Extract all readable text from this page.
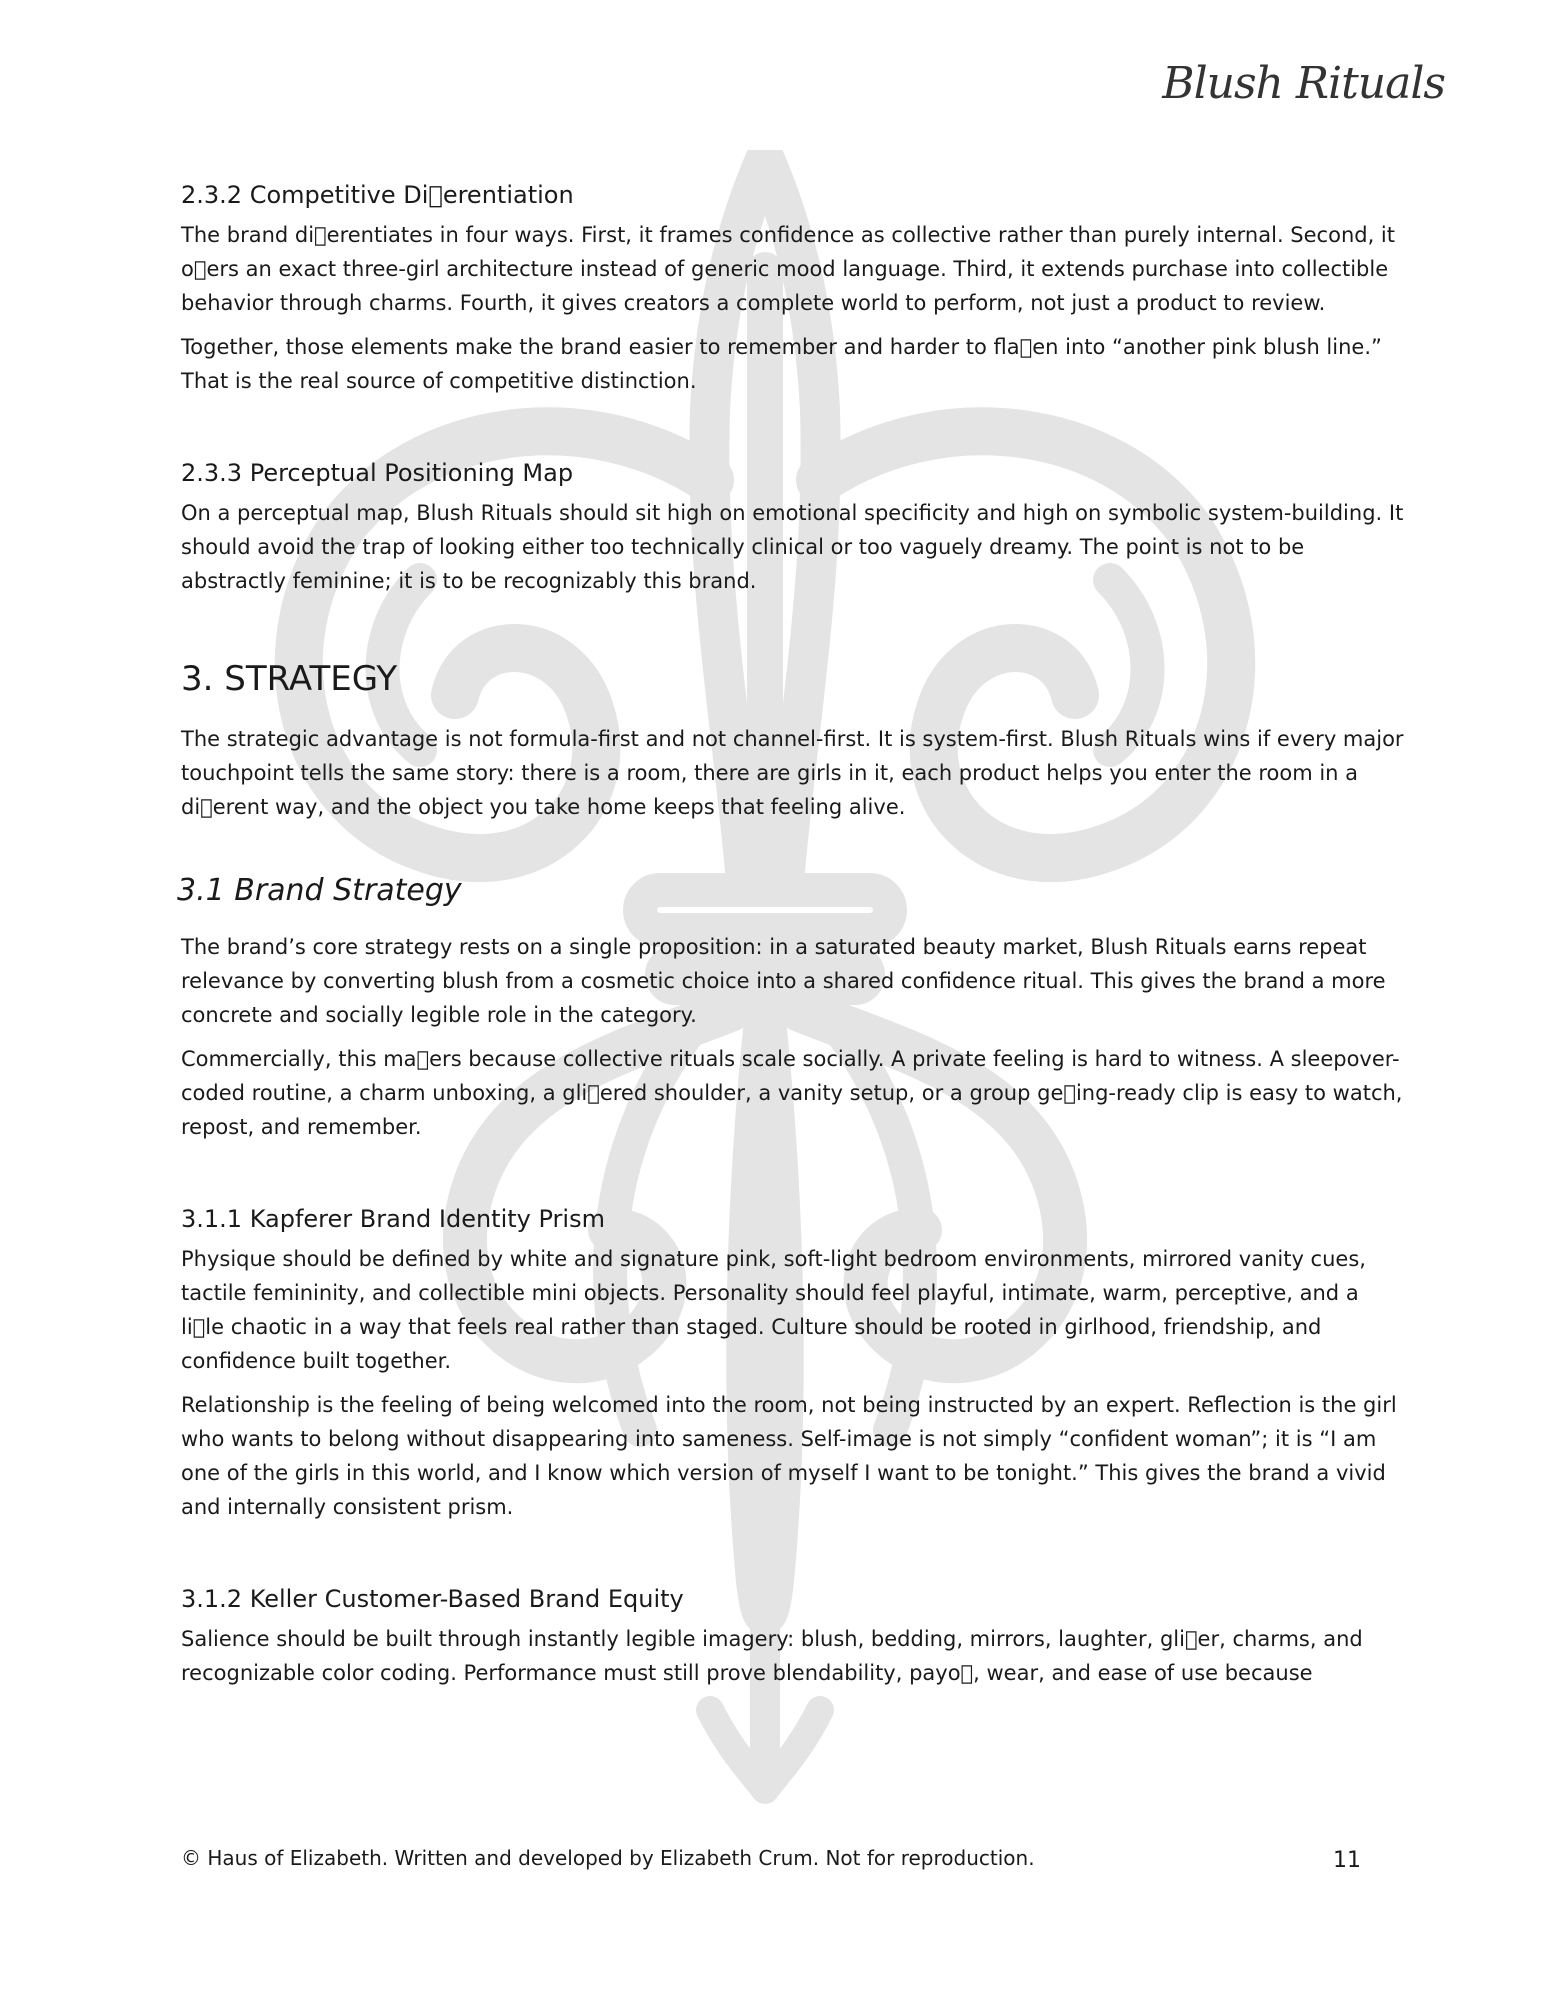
Blush Rituals
2.3.2 Competitive Di erentiation

The brand di erentiates in four ways. First, it frames confidence as collective rather than purely internal. Second, it o ers an exact three-girl architecture instead of generic mood language. Third, it extends purchase into collectible behavior through charms. Fourth, it gives creators a complete world to perform, not just a product to review.

Together, those elements make the brand easier to remember and harder to fla en into “another pink blush line.” That is the real source of competitive distinction.

2.3.3 Perceptual Positioning Map

On a perceptual map, Blush Rituals should sit high on emotional specificity and high on symbolic system-building. It should avoid the trap of looking either too technically clinical or too vaguely dreamy. The point is not to be abstractly feminine; it is to be recognizably this brand.

3. STRATEGY

The strategic advantage is not formula-first and not channel-first. It is system-first. Blush Rituals wins if every major touchpoint tells the same story: there is a room, there are girls in it, each product helps you enter the room in a di erent way, and the object you take home keeps that feeling alive.

3.1 Brand Strategy

The brand’s core strategy rests on a single proposition: in a saturated beauty market, Blush Rituals earns repeat relevance by converting blush from a cosmetic choice into a shared confidence ritual. This gives the brand a more concrete and socially legible role in the category.

Commercially, this ma ers because collective rituals scale socially. A private feeling is hard to witness. A sleepover-coded routine, a charm unboxing, a gli ered shoulder, a vanity setup, or a group ge ing-ready clip is easy to watch, repost, and remember.

3.1.1 Kapferer Brand Identity Prism

Physique should be defined by white and signature pink, soft-light bedroom environments, mirrored vanity cues, tactile femininity, and collectible mini objects. Personality should feel playful, intimate, warm, perceptive, and a li le chaotic in a way that feels real rather than staged. Culture should be rooted in girlhood, friendship, and confidence built together.

Relationship is the feeling of being welcomed into the room, not being instructed by an expert. Reflection is the girl who wants to belong without disappearing into sameness. Self-image is not simply “confident woman”; it is “I am one of the girls in this world, and I know which version of myself I want to be tonight.” This gives the brand a vivid and internally consistent prism.

3.1.2 Keller Customer-Based Brand Equity

Salience should be built through instantly legible imagery: blush, bedding, mirrors, laughter, gli er, charms, and recognizable color coding. Performance must still prove blendability, payo , wear, and ease of use because

© Haus of Elizabeth. Written and developed by Elizabeth Crum. Not for reproduction.	11
